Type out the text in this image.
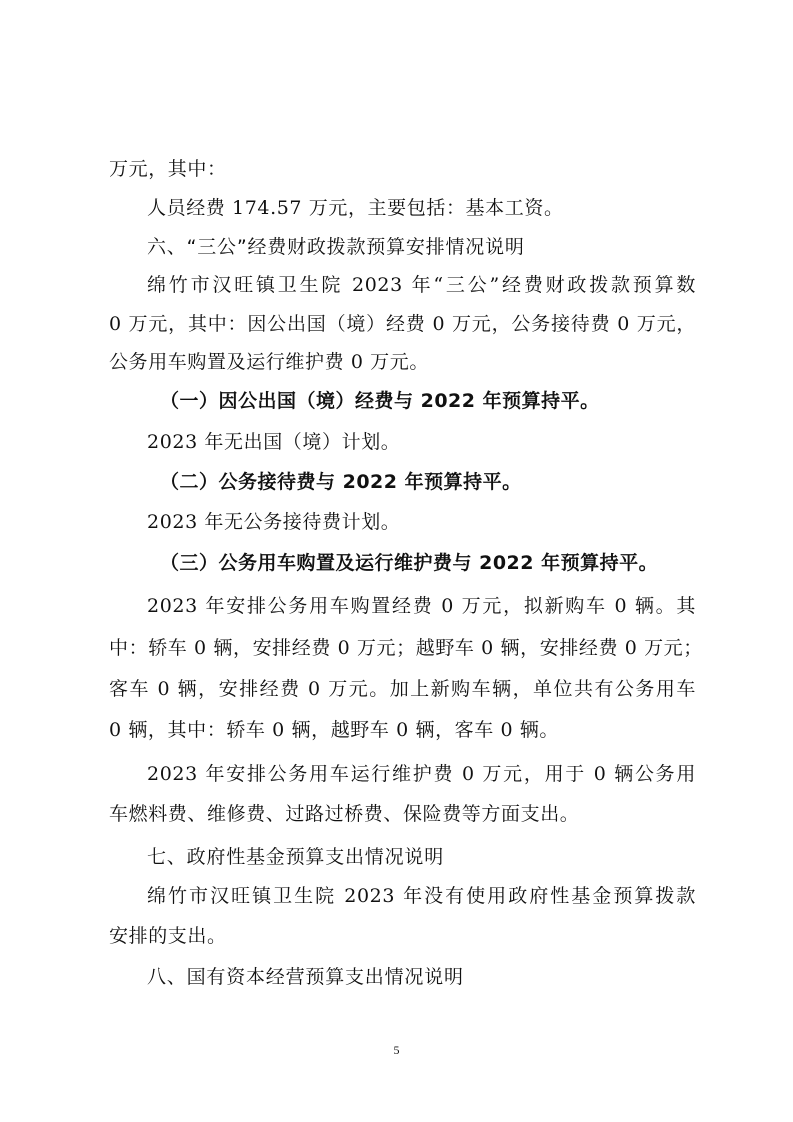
万元，其中：
人员经费 174.57 万元，主要包括：基本工资。
六、“三公”经费财政拨款预算安排情况说明
绵竹市汉旺镇卫生院 2023 年“三公”经费财政拨款预算数
0 万元，其中：因公出国（境）经费 0 万元，公务接待费 0 万元，
公务用车购置及运行维护费 0 万元。
（一）因公出国（境）经费与 2022 年预算持平。
2023 年无出国（境）计划。
（二）公务接待费与 2022 年预算持平。
2023 年无公务接待费计划。
（三）公务用车购置及运行维护费与 2022 年预算持平。
2023 年安排公务用车购置经费 0 万元，拟新购车 0 辆。其
中：轿车 0 辆，安排经费 0 万元；越野车 0 辆，安排经费 0 万元；
客车 0 辆，安排经费 0 万元。加上新购车辆，单位共有公务用车
0 辆，其中：轿车 0 辆，越野车 0 辆，客车 0 辆。
2023 年安排公务用车运行维护费 0 万元，用于 0 辆公务用
车燃料费、维修费、过路过桥费、保险费等方面支出。
七、政府性基金预算支出情况说明
绵竹市汉旺镇卫生院 2023 年没有使用政府性基金预算拨款
安排的支出。
八、国有资本经营预算支出情况说明
5
